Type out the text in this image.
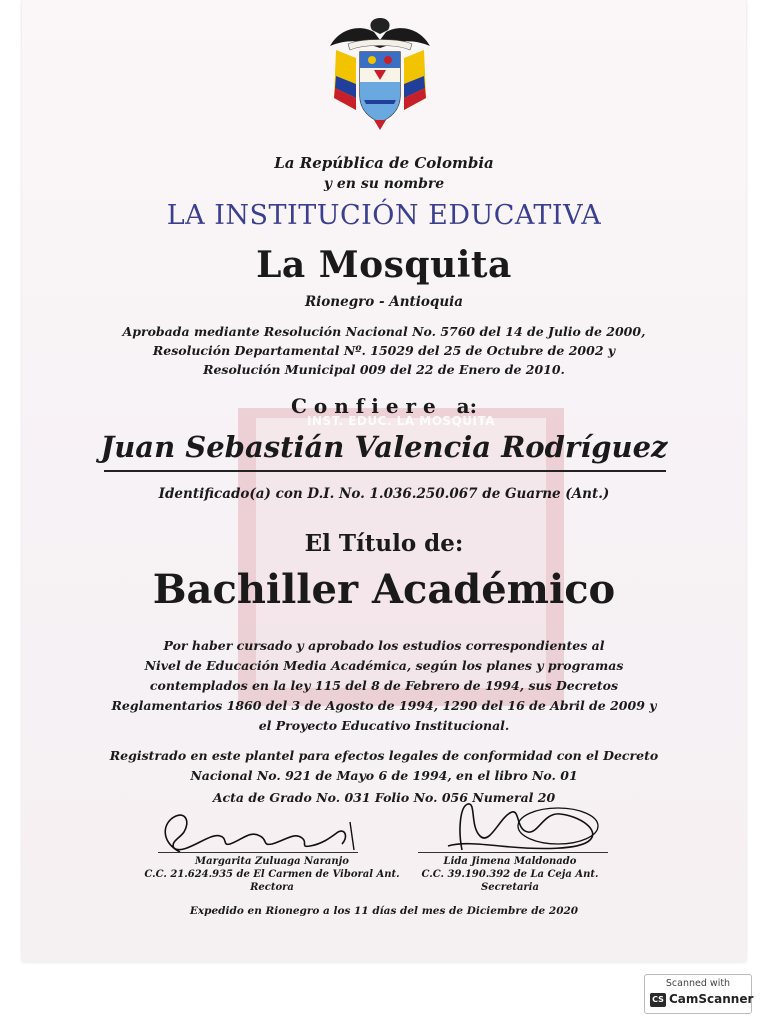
INST. EDUC. LA MOSQUITA
La República de Colombia
y en su nombre
LA INSTITUCIÓN EDUCATIVA
La Mosquita
Rionegro - Antioquia
Aprobada mediante Resolución Nacional No. 5760 del 14 de Julio de 2000,
Resolución Departamental Nº. 15029 del 25 de Octubre de 2002 y
Resolución Municipal 009 del 22 de Enero de 2010.
C o n f i e r e   a:
Juan Sebastián Valencia Rodríguez
Identificado(a) con D.I. No. 1.036.250.067 de Guarne (Ant.)
El Título de:
Bachiller Académico
Por haber cursado y aprobado los estudios correspondientes al
Nivel de Educación Media Académica, según los planes y programas
contemplados en la ley 115 del 8 de Febrero de 1994, sus Decretos
Reglamentarios 1860 del 3 de Agosto de 1994, 1290 del 16 de Abril de 2009 y
el Proyecto Educativo Institucional.
Registrado en este plantel para efectos legales de conformidad con el Decreto
Nacional No. 921 de Mayo 6 de 1994, en el libro No. 01
Acta de Grado No. 031 Folio No. 056 Numeral 20
Margarita Zuluaga Naranjo
C.C. 21.624.935 de El Carmen de Viboral Ant.
Rectora
Lida Jimena Maldonado
C.C. 39.190.392 de La Ceja Ant.
Secretaria
Expedido en Rionegro a los 11 días del mes de Diciembre de 2020
Scanned with
CS CamScanner
